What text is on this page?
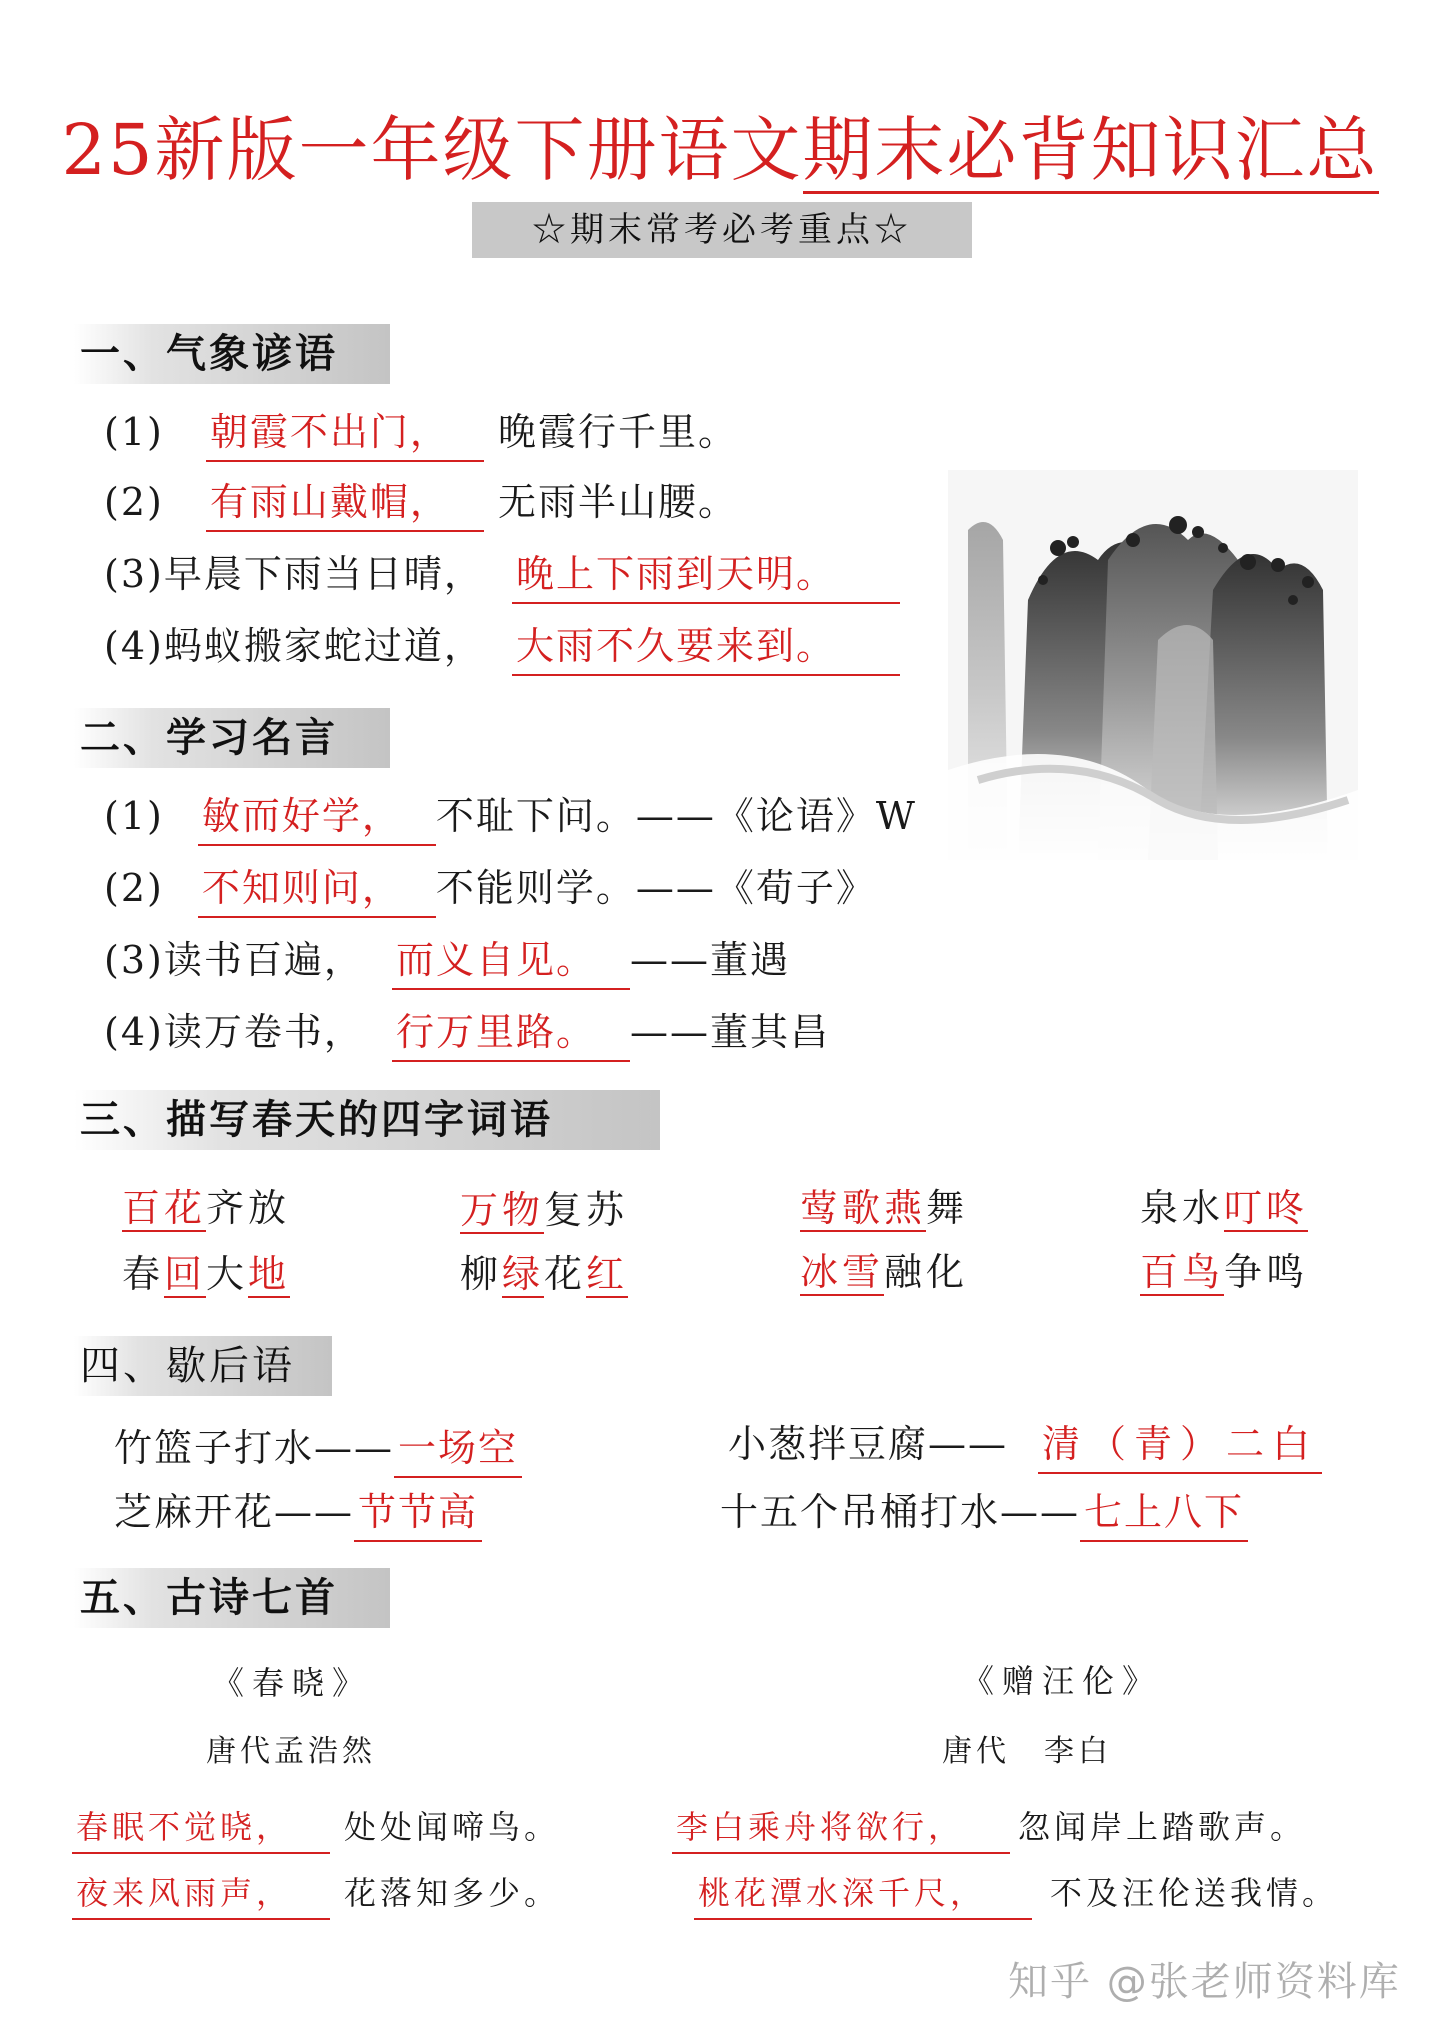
25新版一年级下册语文期末必背知识汇总
☆期末常考必考重点☆
一、气象谚语
(1) 朝霞不出门， 晚霞行千里。
(2) 有雨山戴帽， 无雨半山腰。
(3)早晨下雨当日晴， 晚上下雨到天明。
(4)蚂蚁搬家蛇过道， 大雨不久要来到。
二、学习名言
(1) 敏而好学， 不耻下问。——《论语》W
(2) 不知则问， 不能则学。——《荀子》
(3)读书百遍， 而义自见。 ——董遇
(4)读万卷书， 行万里路。 ——董其昌
三、描写春天的四字词语
百花齐放	万物复苏	莺歌燕舞	泉水叮咚
春回大地	柳绿花红	冰雪融化	百鸟争鸣
四、歇后语
竹篮子打水—— 一场空	小葱拌豆腐—— 清（青）二白
芝麻开花—— 节节高	十五个吊桶打水—— 七上八下
五、古诗七首
《春晓》
唐代孟浩然
春眠不觉晓， 处处闻啼鸟。
夜来风雨声， 花落知多少。
《赠汪伦》
唐代　李白
李白乘舟将欲行， 忽闻岸上踏歌声。
桃花潭水深千尺， 不及汪伦送我情。
知乎 @张老师资料库
